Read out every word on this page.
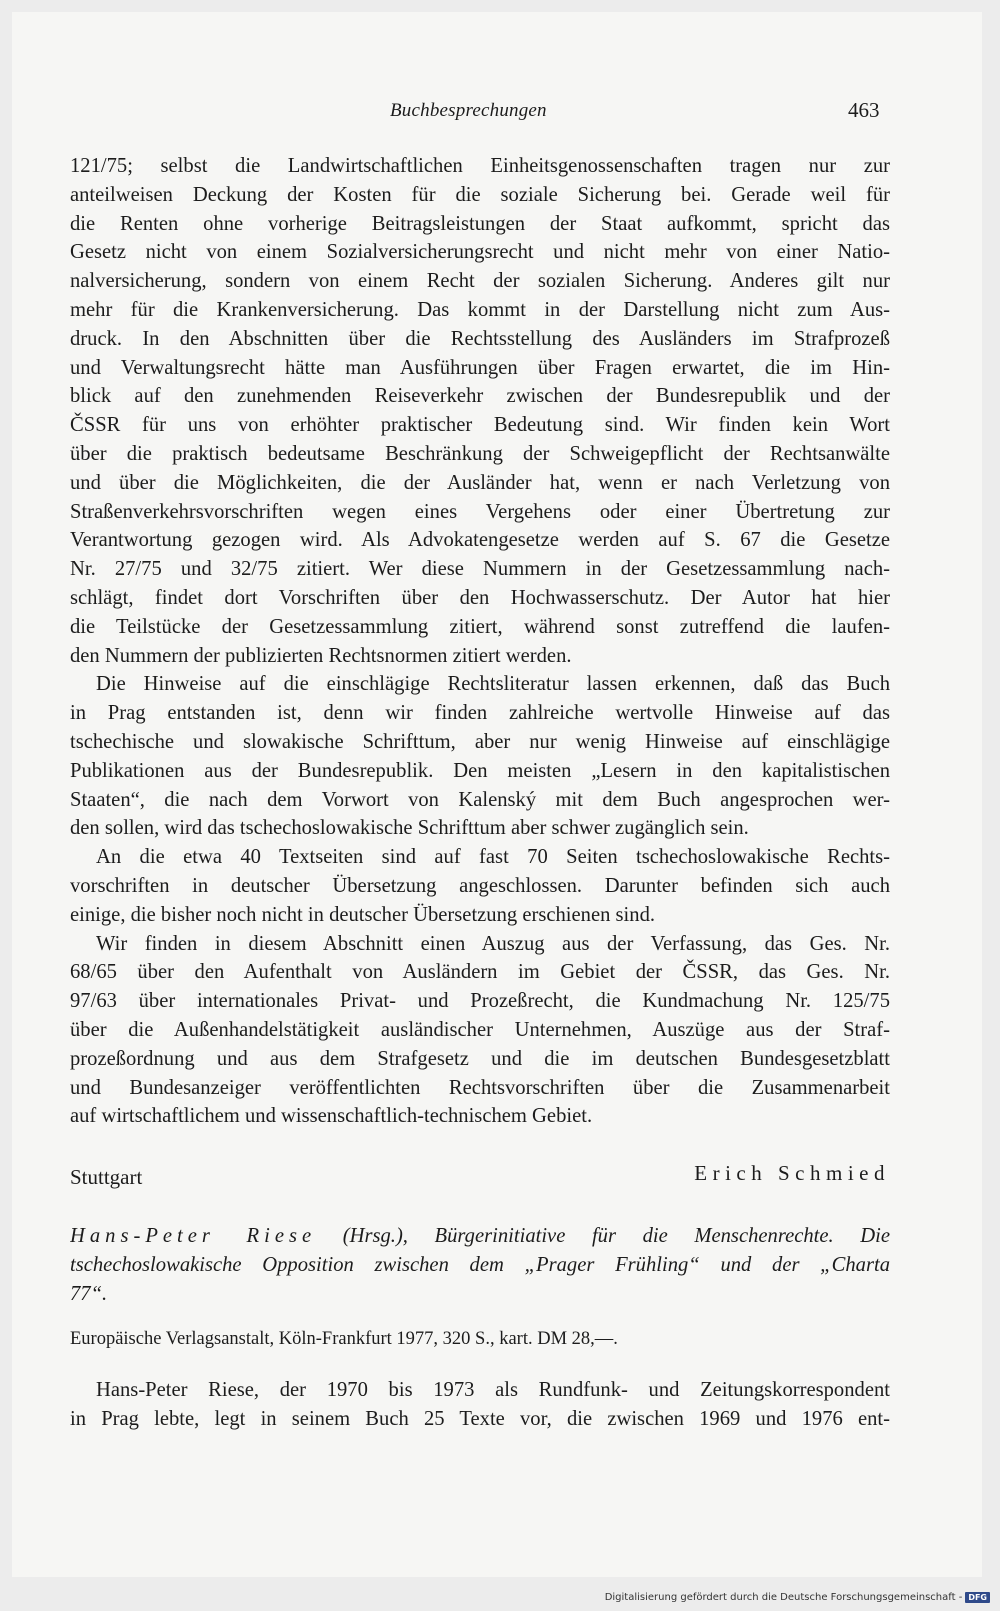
Buchbesprechungen	463
121/75; selbst die Landwirtschaftlichen Einheitsgenossenschaften tragen nur zur
anteilweisen Deckung der Kosten für die soziale Sicherung bei. Gerade weil für
die Renten ohne vorherige Beitragsleistungen der Staat aufkommt, spricht das
Gesetz nicht von einem Sozialversicherungsrecht und nicht mehr von einer Natio-
nalversicherung, sondern von einem Recht der sozialen Sicherung. Anderes gilt nur
mehr für die Krankenversicherung. Das kommt in der Darstellung nicht zum Aus-
druck. In den Abschnitten über die Rechtsstellung des Ausländers im Strafprozeß
und Verwaltungsrecht hätte man Ausführungen über Fragen erwartet, die im Hin-
blick auf den zunehmenden Reiseverkehr zwischen der Bundesrepublik und der
ČSSR für uns von erhöhter praktischer Bedeutung sind. Wir finden kein Wort
über die praktisch bedeutsame Beschränkung der Schweigepflicht der Rechtsanwälte
und über die Möglichkeiten, die der Ausländer hat, wenn er nach Verletzung von
Straßenverkehrsvorschriften wegen eines Vergehens oder einer Übertretung zur
Verantwortung gezogen wird. Als Advokatengesetze werden auf S. 67 die Gesetze
Nr. 27/75 und 32/75 zitiert. Wer diese Nummern in der Gesetzessammlung nach-
schlägt, findet dort Vorschriften über den Hochwasserschutz. Der Autor hat hier
die Teilstücke der Gesetzessammlung zitiert, während sonst zutreffend die laufen-
den Nummern der publizierten Rechtsnormen zitiert werden.
Die Hinweise auf die einschlägige Rechtsliteratur lassen erkennen, daß das Buch
in Prag entstanden ist, denn wir finden zahlreiche wertvolle Hinweise auf das
tschechische und slowakische Schrifttum, aber nur wenig Hinweise auf einschlägige
Publikationen aus der Bundesrepublik. Den meisten „Lesern in den kapitalistischen
Staaten“, die nach dem Vorwort von Kalenský mit dem Buch angesprochen wer-
den sollen, wird das tschechoslowakische Schrifttum aber schwer zugänglich sein.
An die etwa 40 Textseiten sind auf fast 70 Seiten tschechoslowakische Rechts-
vorschriften in deutscher Übersetzung angeschlossen. Darunter befinden sich auch
einige, die bisher noch nicht in deutscher Übersetzung erschienen sind.
Wir finden in diesem Abschnitt einen Auszug aus der Verfassung, das Ges. Nr.
68/65 über den Aufenthalt von Ausländern im Gebiet der ČSSR, das Ges. Nr.
97/63 über internationales Privat- und Prozeßrecht, die Kundmachung Nr. 125/75
über die Außenhandelstätigkeit ausländischer Unternehmen, Auszüge aus der Straf-
prozeßordnung und aus dem Strafgesetz und die im deutschen Bundesgesetzblatt
und Bundesanzeiger veröffentlichten Rechtsvorschriften über die Zusammenarbeit
auf wirtschaftlichem und wissenschaftlich-technischem Gebiet.
Stuttgart	Erich Schmied
Hans-Peter Riese (Hrsg.), Bürgerinitiative für die Menschenrechte. Die
tschechoslowakische Opposition zwischen dem „Prager Frühling“ und der „Charta
77“.
Europäische Verlagsanstalt, Köln-Frankfurt 1977, 320 S., kart. DM 28,—.
Hans-Peter Riese, der 1970 bis 1973 als Rundfunk- und Zeitungskorrespondent
in Prag lebte, legt in seinem Buch 25 Texte vor, die zwischen 1969 und 1976 ent-
Digitalisierung gefördert durch die Deutsche Forschungsgemeinschaft - DFG
